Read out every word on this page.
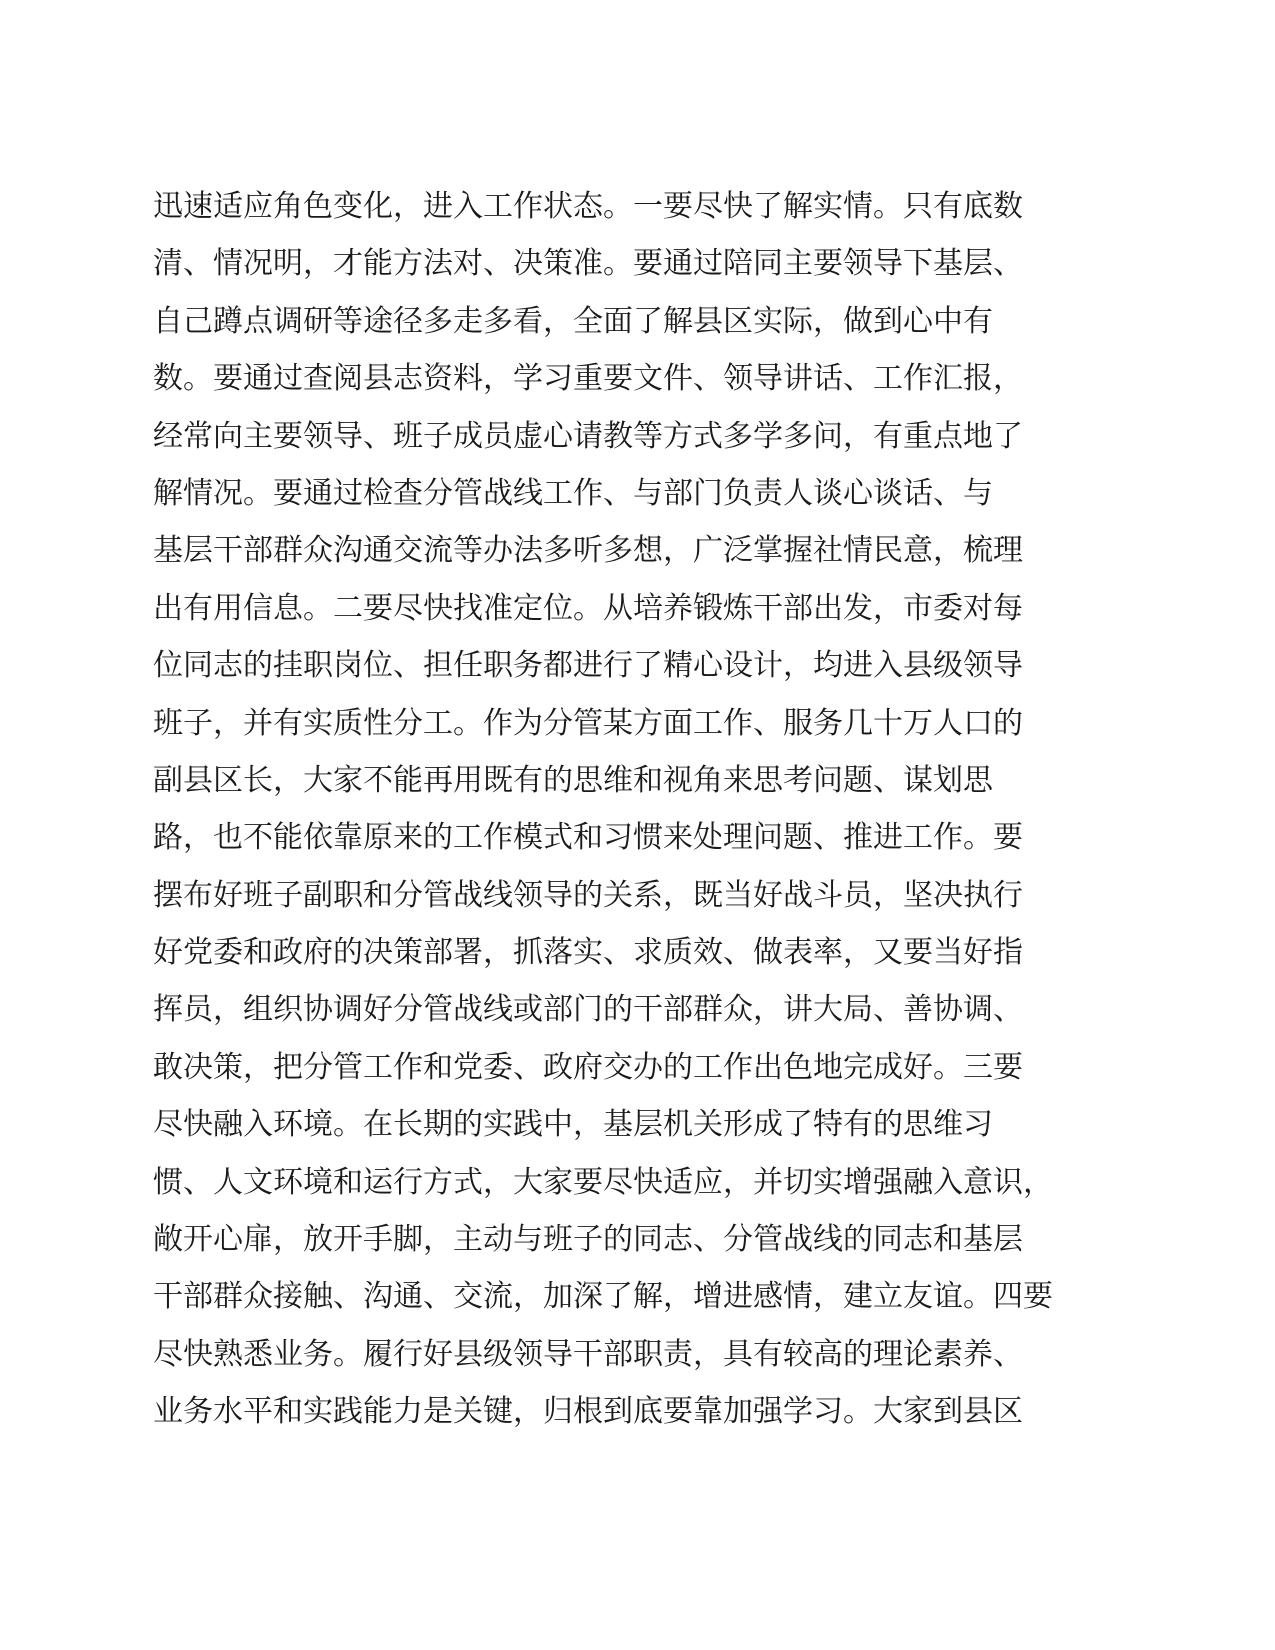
迅速适应角色变化，进入工作状态。一要尽快了解实情。只有底数
清、情况明，才能方法对、决策准。要通过陪同主要领导下基层、
自己蹲点调研等途径多走多看，全面了解县区实际，做到心中有
数。要通过查阅县志资料，学习重要文件、领导讲话、工作汇报，
经常向主要领导、班子成员虚心请教等方式多学多问，有重点地了
解情况。要通过检查分管战线工作、与部门负责人谈心谈话、与
基层干部群众沟通交流等办法多听多想，广泛掌握社情民意，梳理
出有用信息。二要尽快找准定位。从培养锻炼干部出发，市委对每
位同志的挂职岗位、担任职务都进行了精心设计，均进入县级领导
班子，并有实质性分工。作为分管某方面工作、服务几十万人口的
副县区长，大家不能再用既有的思维和视角来思考问题、谋划思
路，也不能依靠原来的工作模式和习惯来处理问题、推进工作。要
摆布好班子副职和分管战线领导的关系，既当好战斗员，坚决执行
好党委和政府的决策部署，抓落实、求质效、做表率，又要当好指
挥员，组织协调好分管战线或部门的干部群众，讲大局、善协调、
敢决策，把分管工作和党委、政府交办的工作出色地完成好。三要
尽快融入环境。在长期的实践中，基层机关形成了特有的思维习
惯、人文环境和运行方式，大家要尽快适应，并切实增强融入意识，
敞开心扉，放开手脚，主动与班子的同志、分管战线的同志和基层
干部群众接触、沟通、交流，加深了解，增进感情，建立友谊。四要
尽快熟悉业务。履行好县级领导干部职责，具有较高的理论素养、
业务水平和实践能力是关键，归根到底要靠加强学习。大家到县区
